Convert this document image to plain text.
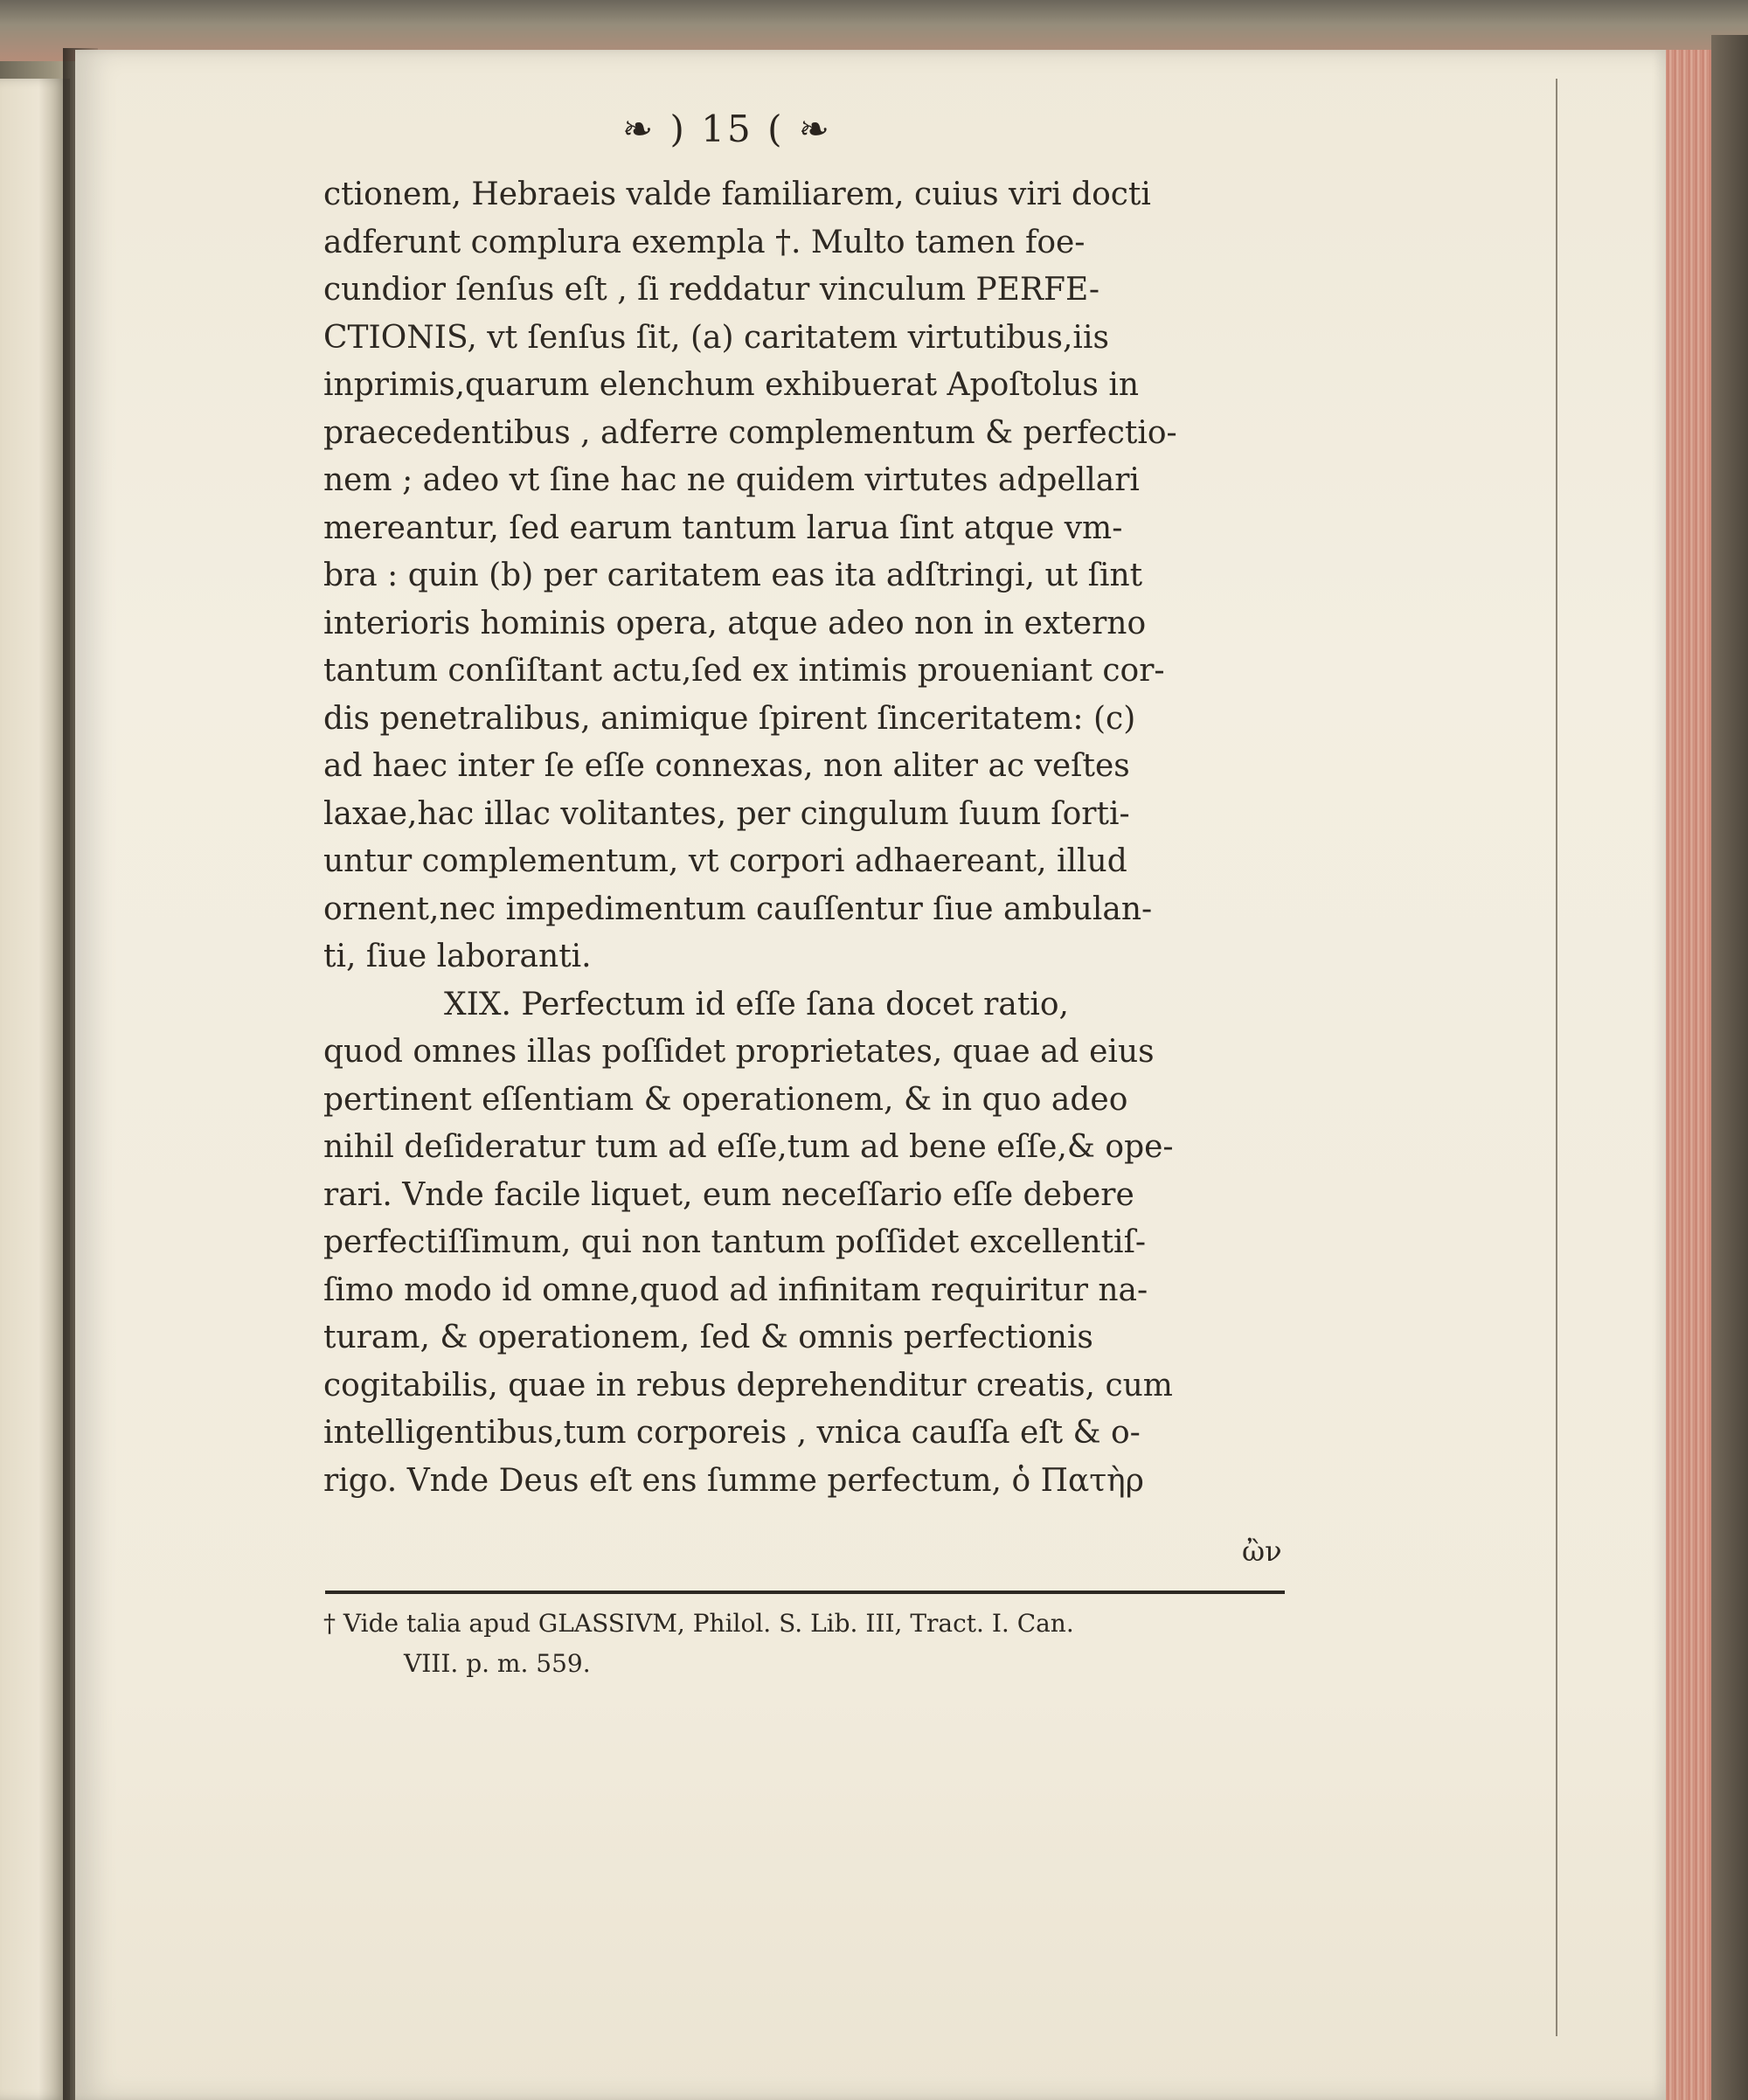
❧ ) 15 ( ❧
ctionem, Hebraeis valde familiarem, cuius viri docti
adferunt complura exempla †. Multo tamen foe-
cundior ſenſus eſt , ſi reddatur vinculum PERFE-
CTIONIS, vt ſenſus ſit, (a) caritatem virtutibus,iis
inprimis,quarum elenchum exhibuerat Apoſtolus in
praecedentibus , adferre complementum & perfectio-
nem ; adeo vt ſine hac ne quidem virtutes adpellari
mereantur, ſed earum tantum larua ſint atque vm-
bra : quin (b) per caritatem eas ita adſtringi, ut ſint
interioris hominis opera, atque adeo non in externo
tantum conſiſtant actu,ſed ex intimis prouenіant cor-
dis penetralibus, animique ſpirent ſinceritatem: (c)
ad haec inter ſe eſſe connexas, non aliter ac veſtes
laxae,hac illac volitantes, per cingulum ſuum ſorti-
untur complementum, vt corpori adhaereant, illud
ornent,nec impedimentum cauſſentur ſiue ambulan-
ti, ſiue laboranti.
XIX. Perfectum id eſſe ſana docet ratio,
quod omnes illas poſſidet proprietates, quae ad eius
pertinent eſſentiam & operationem, & in quo adeo
nihil deſideratur tum ad eſſe,tum ad bene eſſe,& ope-
rari. Vnde facile liquet, eum neceſſario eſſe debere
perfectiſſimum, qui non tantum poſſidet excellentiſ-
ſimo modo id omne,quod ad infinitam requiritur na-
turam, & operationem, ſed & omnis perfectionis
cogitabilis, quae in rebus deprehenditur creatis, cum
intelligentibus,tum corporeis , vnica cauſſa eſt & o-
rigo. Vnde Deus eſt ens ſumme perfectum, ὁ Πατὴρ
ὢν
† Vide talia apud GLASSIVM, Philol. S. Lib. III, Tract. I. Can.
VIII. p. m. 559.
